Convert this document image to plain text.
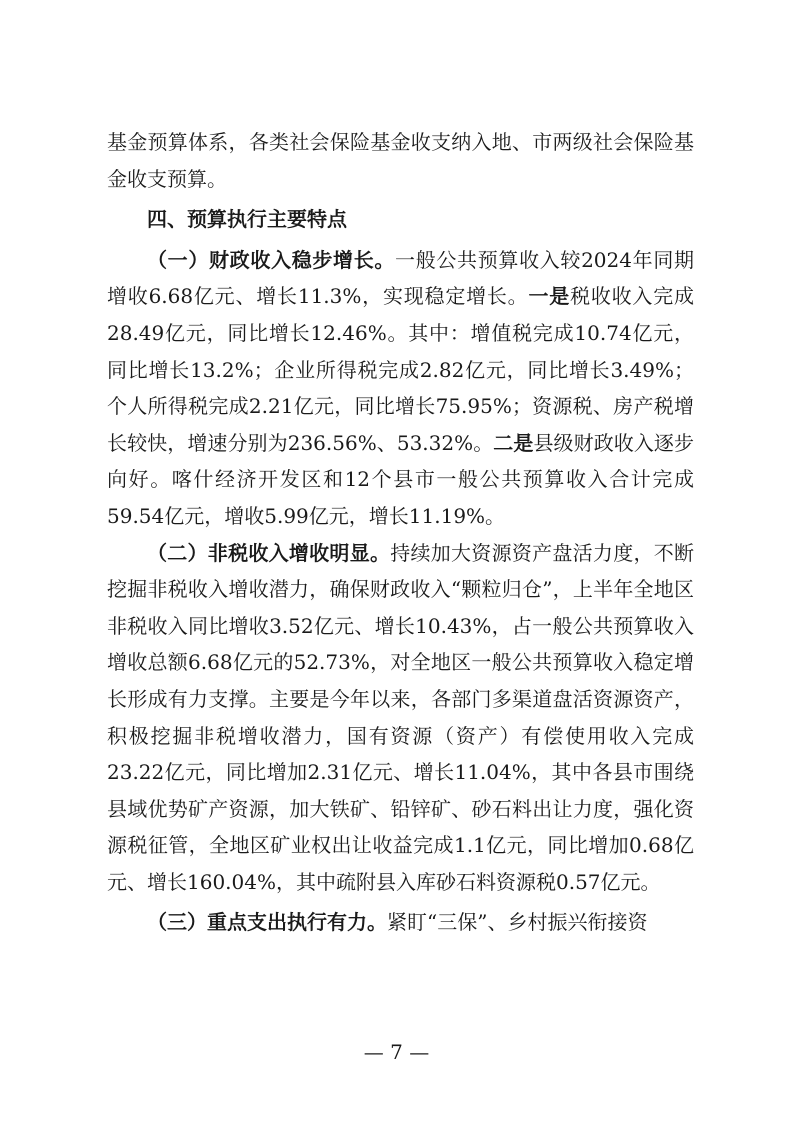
基金预算体系，各类社会保险基金收支纳入地、市两级社会保险基金收支预算。

四、预算执行主要特点

（一）财政收入稳步增长。一般公共预算收入较2024年同期增收6.68亿元、增长11.3%，实现稳定增长。一是税收收入完成28.49亿元，同比增长12.46%。其中：增值税完成10.74亿元，同比增长13.2%；企业所得税完成2.82亿元，同比增长3.49%；个人所得税完成2.21亿元，同比增长75.95%；资源税、房产税增长较快，增速分别为236.56%、53.32%。二是县级财政收入逐步向好。喀什经济开发区和12个县市一般公共预算收入合计完成59.54亿元，增收5.99亿元，增长11.19%。

（二）非税收入增收明显。持续加大资源资产盘活力度，不断挖掘非税收入增收潜力，确保财政收入“颗粒归仓”，上半年全地区非税收入同比增收3.52亿元、增长10.43%，占一般公共预算收入增收总额6.68亿元的52.73%，对全地区一般公共预算收入稳定增长形成有力支撑。主要是今年以来，各部门多渠道盘活资源资产，积极挖掘非税增收潜力，国有资源（资产）有偿使用收入完成23.22亿元，同比增加2.31亿元、增长11.04%，其中各县市围绕县域优势矿产资源，加大铁矿、铅锌矿、砂石料出让力度，强化资源税征管，全地区矿业权出让收益完成1.1亿元，同比增加0.68亿元、增长160.04%，其中疏附县入库砂石料资源税0.57亿元。

（三）重点支出执行有力。紧盯“三保”、乡村振兴衔接资

— 7 —
